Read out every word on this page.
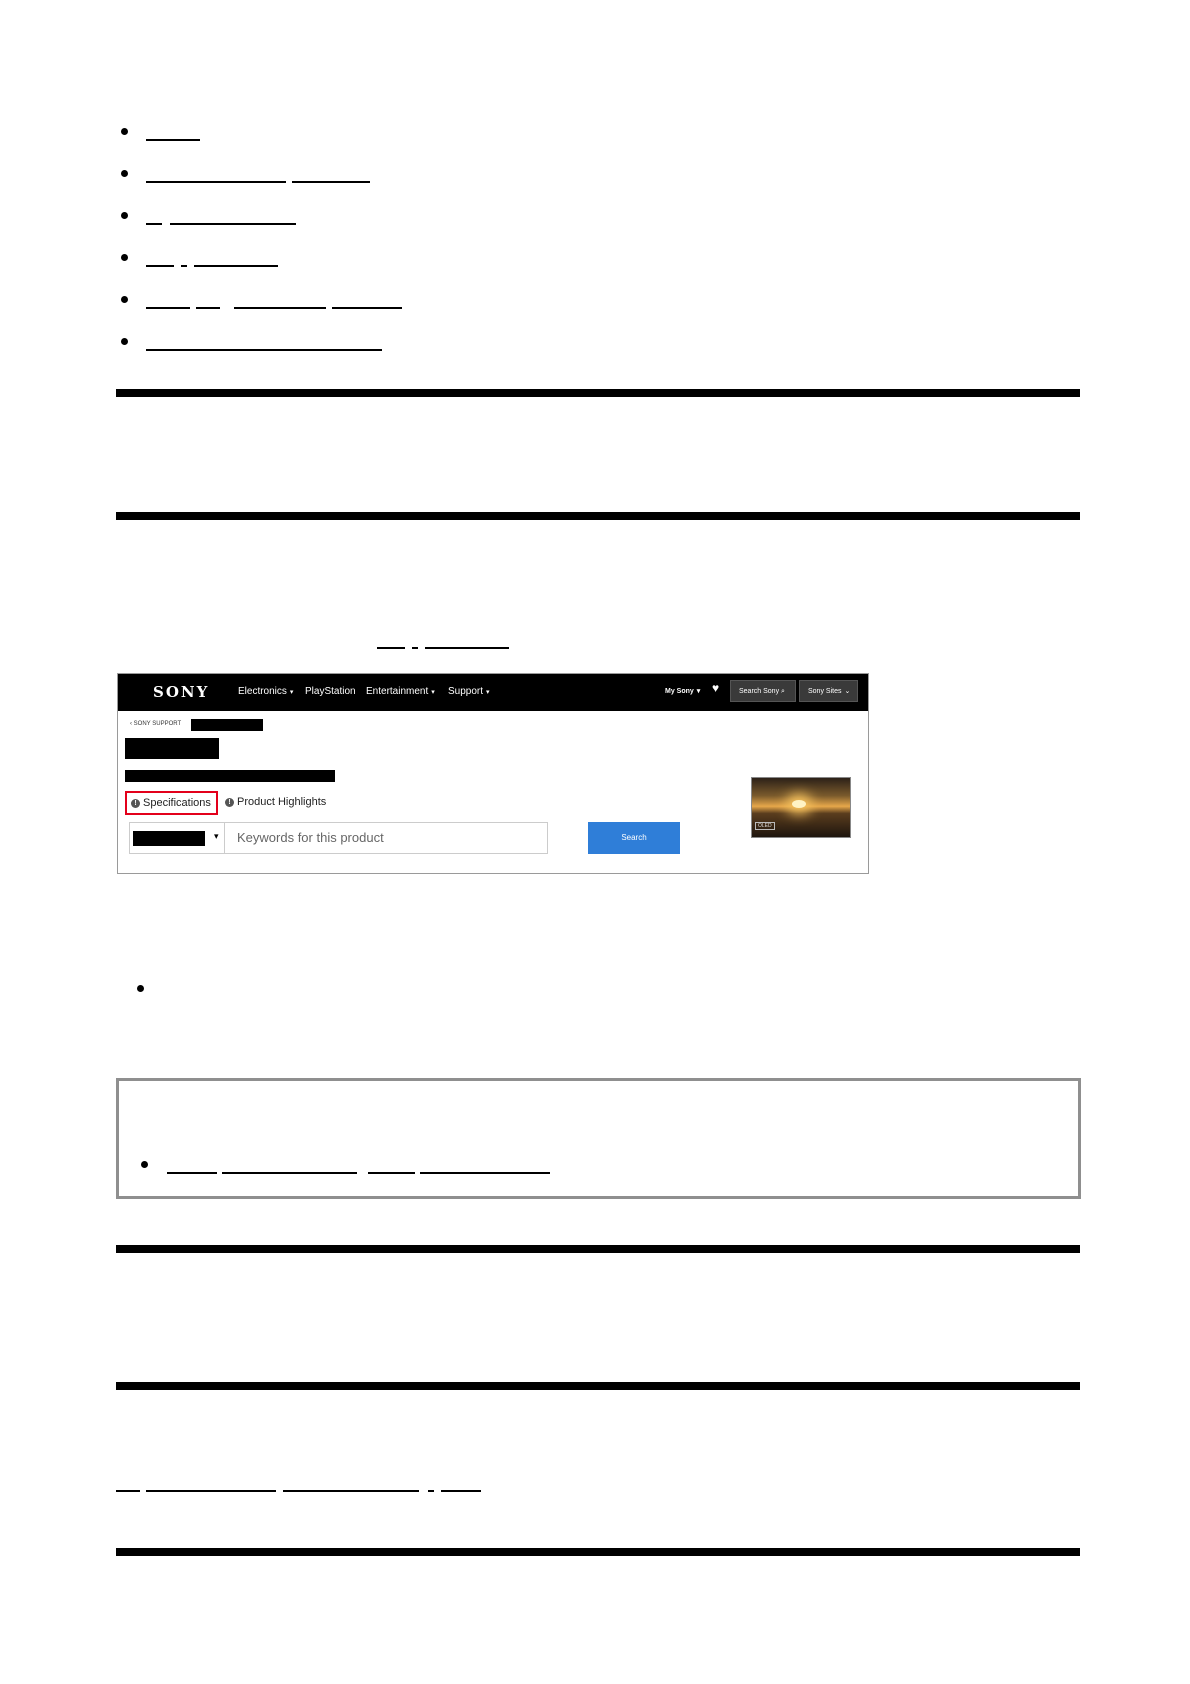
SONY	Electronics ▾ PlayStation Entertainment ▾ Support ▾	My Sony ▾ ♥	Search Sony ⌕	Sony Sites ⌄
‹ SONY SUPPORT
! Specifications	! Product Highlights
▾	Keywords for this product	Search
OLED
